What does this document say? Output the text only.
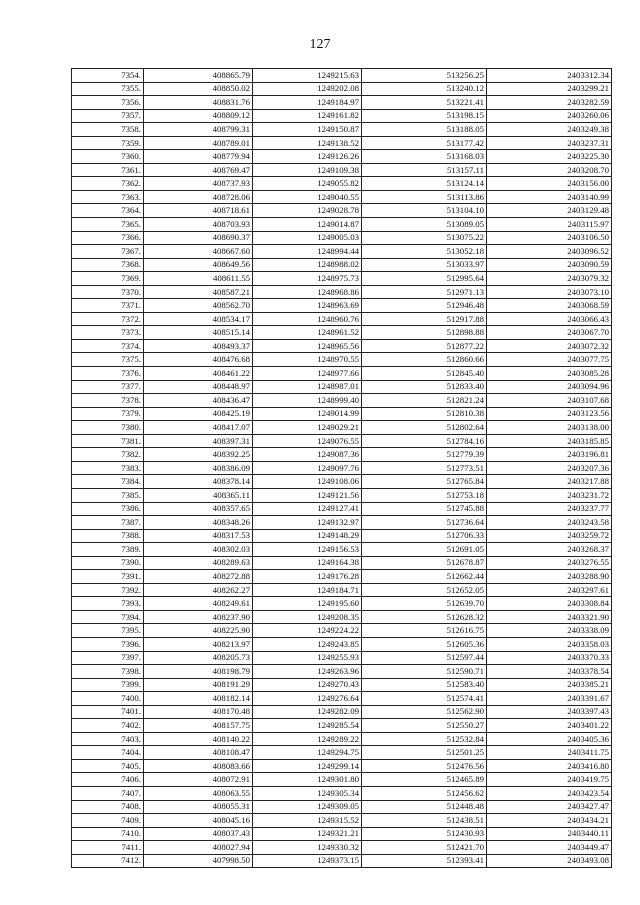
127
7354.	408865.79	1249215.63	513256.25	2403312.34
7355.	408850.02	1249202.08	513240.12	2403299.21
7356.	408831.76	1249184.97	513221.41	2403282.59
7357.	408809.12	1249161.82	513198.15	2403260.06
7358.	408799.31	1249150.87	513188.05	2403249.38
7359.	408789.01	1249138.52	513177.42	2403237.31
7360.	408779.94	1249126.26	513168.03	2403225.30
7361.	408769.47	1249109.38	513157.11	2403208.70
7362.	408737.93	1249055.82	513124.14	2403156.00
7363.	408728.06	1249040.55	513113.86	2403140.99
7364.	408718.61	1249028.78	513104.10	2403129.48
7365.	408703.93	1249014.87	513089.05	2403115.97
7366.	408690.37	1249005.03	513075.22	2403106.50
7367.	408667.60	1248994.44	513052.18	2403096.52
7368.	408649.56	1248988.02	513033.97	2403090.59
7369.	408611.55	1248975.73	512995.64	2403079.32
7370.	408587.21	1248968.86	512971.13	2403073.10
7371.	408562.70	1248963.69	512946.48	2403068.59
7372.	408534.17	1248960.76	512917.88	2403066.43
7373.	408515.14	1248961.52	512898.88	2403067.70
7374.	408493.37	1248965.56	512877.22	2403072.32
7375.	408476.68	1248970.55	512860.66	2403077.75
7376.	408461.22	1248977.66	512845.40	2403085.28
7377.	408448.97	1248987.01	512833.40	2403094.96
7378.	408436.47	1248999.40	512821.24	2403107.68
7379.	408425.19	1249014.99	512810.38	2403123.56
7380.	408417.07	1249029.21	512802.64	2403138.00
7381.	408397.31	1249076.55	512784.16	2403185.85
7382.	408392.25	1249087.36	512779.39	2403196.81
7383.	408386.09	1249097.76	512773.51	2403207.36
7384.	408378.14	1249108.06	512765.84	2403217.88
7385.	408365.11	1249121.56	512753.18	2403231.72
7386.	408357.65	1249127.41	512745.88	2403237.77
7387.	408348.26	1249132.97	512736.64	2403243.58
7388.	408317.53	1249148.29	512706.33	2403259.72
7389.	408302.03	1249156.53	512691.05	2403268.37
7390.	408289.63	1249164.38	512678.87	2403276.55
7391.	408272.88	1249176.28	512662.44	2403288.90
7392.	408262.27	1249184.71	512652.05	2403297.61
7393.	408249.61	1249195.60	512639.70	2403308.84
7394.	408237.90	1249208.35	512628.32	2403321.90
7395.	408225.90	1249224.22	512616.75	2403338.09
7396.	408213.97	1249243.85	512605.36	2403358.03
7397.	408205.73	1249255.93	512597.44	2403370.33
7398.	408198.79	1249263.96	512590.71	2403378.54
7399.	408191.29	1249270.43	512583.40	2403385.21
7400.	408182.14	1249276.64	512574.41	2403391.67
7401.	408170.48	1249282.09	512562.90	2403397.43
7402.	408157.75	1249285.54	512550.27	2403401.22
7403.	408140.22	1249289.22	512532.84	2403405.36
7404.	408108.47	1249294.75	512501.25	2403411.75
7405.	408083.66	1249299.14	512476.56	2403416.80
7406.	408072.91	1249301.80	512465.89	2403419.75
7407.	408063.55	1249305.34	512456.62	2403423.54
7408.	408055.31	1249309.05	512448.48	2403427.47
7409.	408045.16	1249315.52	512438.51	2403434.21
7410.	408037.43	1249321.21	512430.93	2403440.11
7411.	408027.94	1249330.32	512421.70	2403449.47
7412.	407998.50	1249373.15	512393.41	2403493.08
